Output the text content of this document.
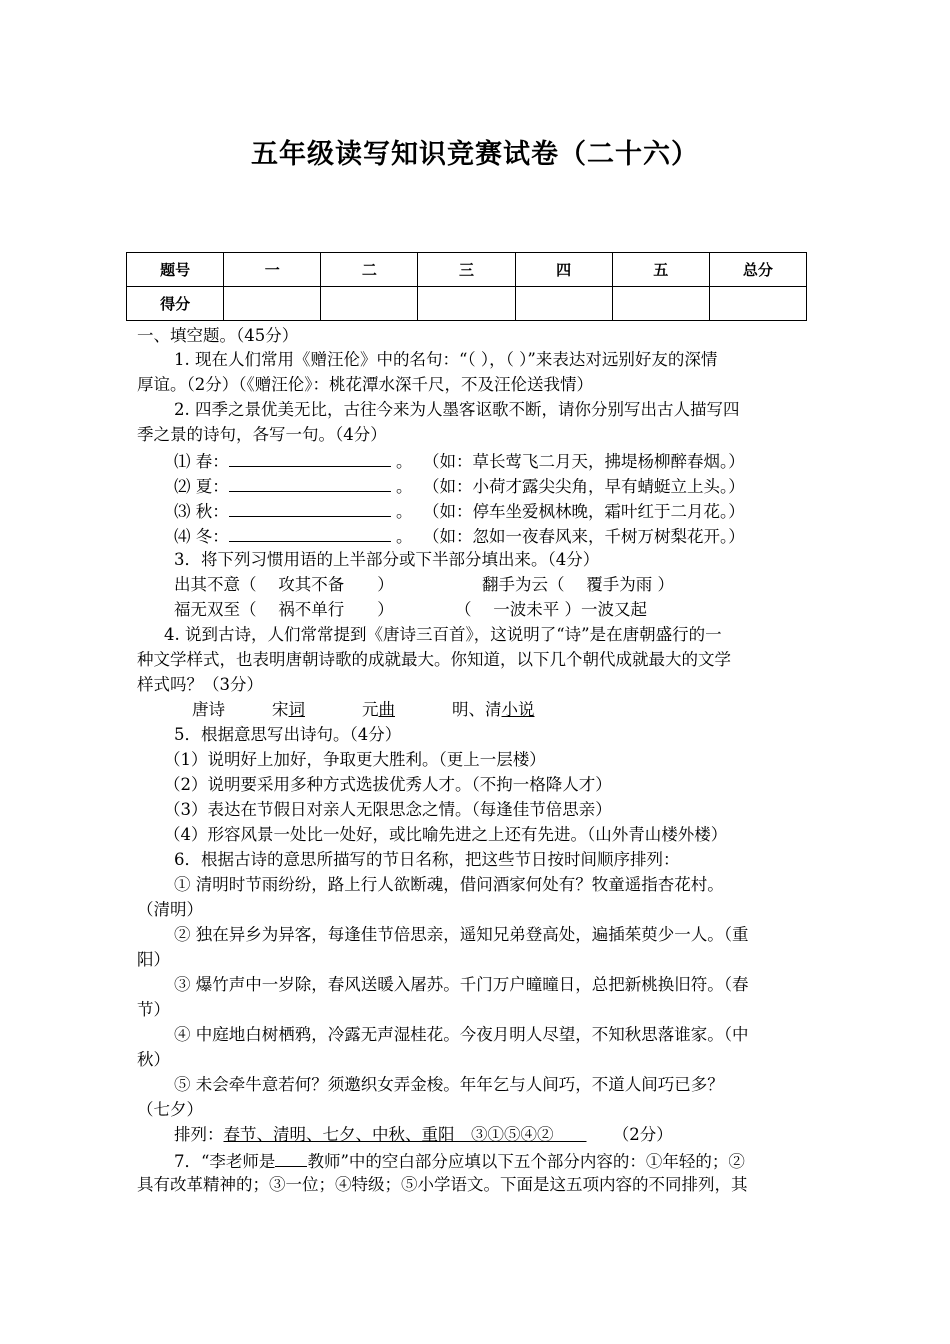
五年级读写知识竞赛试卷（二十六）
题号	一	二	三	四	五	总分
得分						
一、填空题。（45分）
1. 现在人们常用《赠汪伦》中的名句：“（ ），（ ）”来表达对远别好友的深情
厚谊。（2分）（《赠汪伦》：桃花潭水深千尺，不及汪伦送我情）
2. 四季之景优美无比，古往今来为人墨客讴歌不断，请你分别写出古人描写四
季之景的诗句，各写一句。（4分）
⑴ 春：	。 （如：草长莺飞二月天，拂堤杨柳醉春烟。）
⑵ 夏：	。 （如：小荷才露尖尖角，早有蜻蜓立上头。）
⑶ 秋：	。 （如：停车坐爱枫林晚，霜叶红于二月花。）
⑷ 冬：	。 （如：忽如一夜春风来，千树万树梨花开。）
3．将下列习惯用语的上半部分或下半部分填出来。（4分）
出其不意（　 攻其不备　　）	翻手为云（　 覆手为雨 ）
福无双至（　 祸不单行　　）	（　 一波未平 ）一波又起
4. 说到古诗，人们常常提到《唐诗三百首》，这说明了“诗”是在唐朝盛行的一
种文学样式，也表明唐朝诗歌的成就最大。你知道，以下几个朝代成就最大的文学
样式吗？（3分）
唐诗	宋词	元曲	明、清小说
5．根据意思写出诗句。（4分）
（1）说明好上加好，争取更大胜利。（更上一层楼）
（2）说明要采用多种方式选拔优秀人才。（不拘一格降人才）
（3）表达在节假日对亲人无限思念之情。（每逢佳节倍思亲）
（4）形容风景一处比一处好，或比喻先进之上还有先进。（山外青山楼外楼）
6．根据古诗的意思所描写的节日名称，把这些节日按时间顺序排列：
① 清明时节雨纷纷，路上行人欲断魂，借问酒家何处有？牧童遥指杏花村。
（清明）
② 独在异乡为异客，每逢佳节倍思亲，遥知兄弟登高处，遍插茱萸少一人。（重
阳）
③ 爆竹声中一岁除，春风送暖入屠苏。千门万户曈曈日，总把新桃换旧符。（春
节）
④ 中庭地白树栖鸦，冷露无声湿桂花。今夜月明人尽望，不知秋思落谁家。（中
秋）
⑤ 未会牵牛意若何？须邀织女弄金梭。年年乞与人间巧，不道人间巧已多？
（七夕）
排列：春节、清明、七夕、中秋、重阳　③①⑤④②　　     （2分）
7．“李老师是 教师”中的空白部分应填以下五个部分内容的：①年轻的；②
具有改革精神的；③一位；④特级；⑤小学语文。下面是这五项内容的不同排列，其
